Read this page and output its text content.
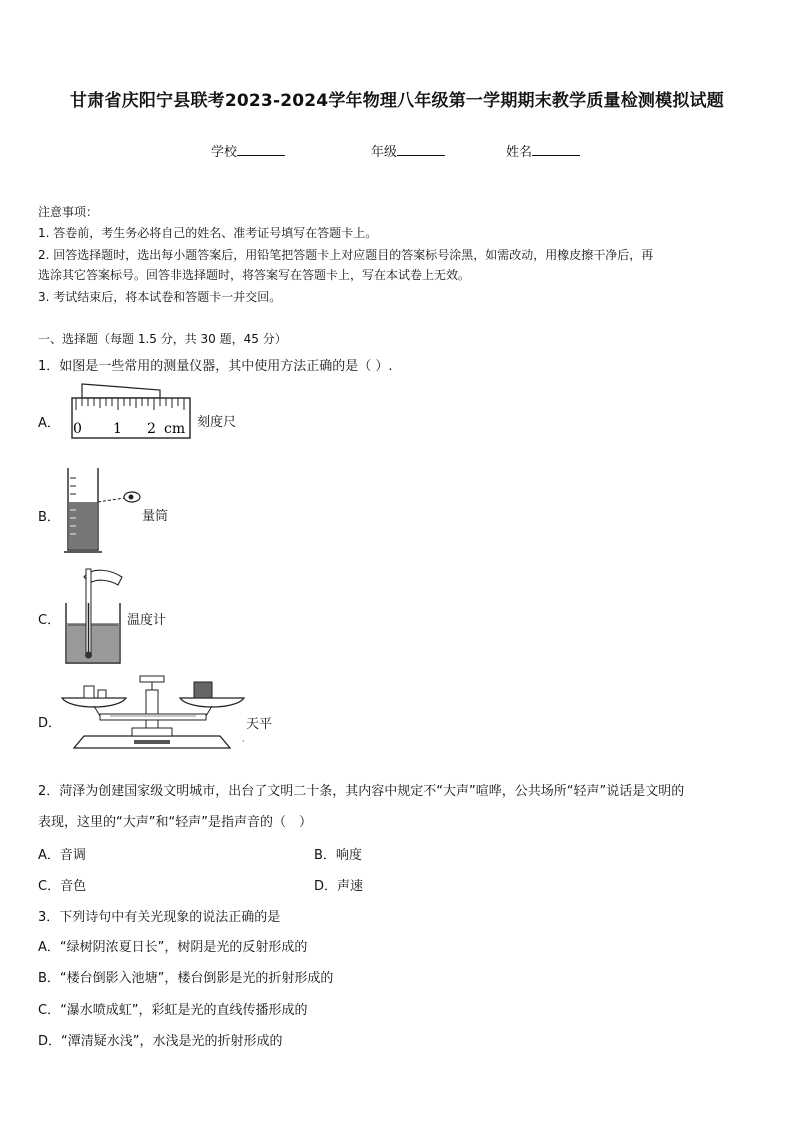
甘肃省庆阳宁县联考2023-2024学年物理八年级第一学期期末教学质量检测模拟试题
学校	年级	姓名
注意事项：
1. 答卷前，考生务必将自己的姓名、准考证号填写在答题卡上。
2. 回答选择题时，选出每小题答案后，用铅笔把答题卡上对应题目的答案标号涂黑，如需改动，用橡皮擦干净后，再
选涂其它答案标号。回答非选择题时，将答案写在答题卡上，写在本试卷上无效。
3. 考试结束后，将本试卷和答题卡一并交回。
一、选择题（每题 1.5 分，共 30 题，45 分）
1．如图是一些常用的测量仪器，其中使用方法正确的是（ ）.
A． 0 1 2 cm 刻度尺
B．	量筒
C．	温度计
D．
·
天平
2．菏泽为创建国家级文明城市，出台了文明二十条，其内容中规定不“大声”喧哗，公共场所“轻声”说话是文明的
表现，这里的“大声”和“轻声”是指声音的（　）
A．音调	B．响度
C．音色	D．声速
3．下列诗句中有关光现象的说法正确的是
A．“绿树阴浓夏日长”，树阴是光的反射形成的
B．“楼台倒影入池塘”，楼台倒影是光的折射形成的
C．“瀑水喷成虹”，彩虹是光的直线传播形成的
D．“潭清疑水浅”，水浅是光的折射形成的
